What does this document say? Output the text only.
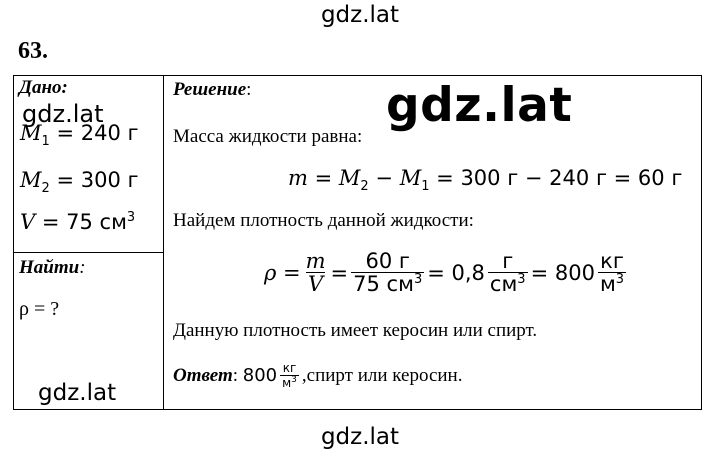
gdz.lat
63.
Дано:
gdz.lat
$M_1 = 240$ г
$M_2 = 300$ г
V = 75 $см^3$
Найти:
ρ = ?
gdz.lat
Решение:
Масса жидкости равна:
gdz.lat
$m = M_2 - M_1 = 300$ г − 240 г = 60 г
Найдем плотность данной жидкости:
$\rho = \frac{m}{V} = \frac{60 г}{75 см^3} = 0,8 \frac{г}{см^3} = 800 \frac{кг}{м^3}$
Данную плотность имеет керосин или спирт.
Ответ : $800 \frac{кг}{м^3}$ ,спирт или керосин.
gdz.lat
